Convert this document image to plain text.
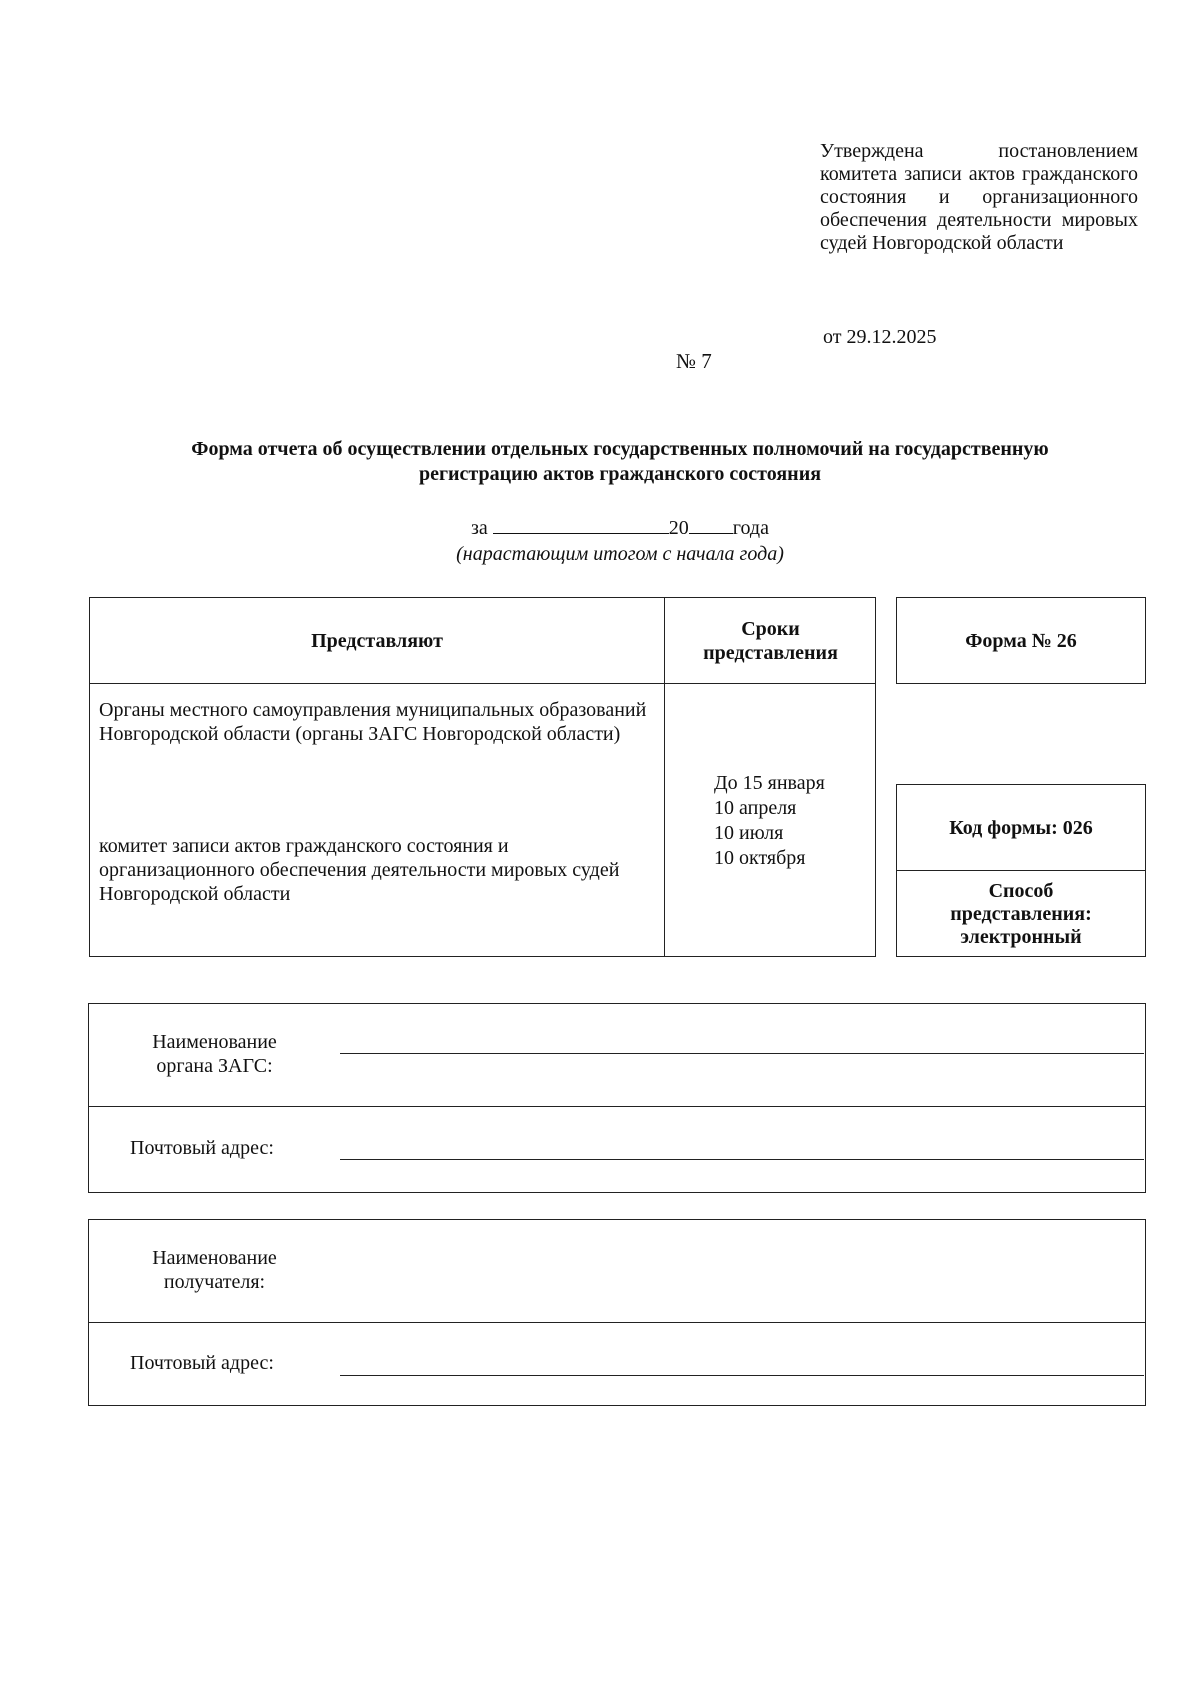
Утверждена постановлением комитета записи актов гражданского состояния и организационного обеспечения деятельности мировых судей Новгородской области
от 29.12.2025
№ 7
Форма отчета об осуществлении отдельных государственных полномочий на государственную
регистрацию актов гражданского состояния
за	20 года
(нарастающим итогом с начала года)
Представляют
Сроки представления
Органы местного самоуправления муниципальных образований Новгородской области (органы ЗАГС Новгородской области)
комитет записи актов гражданского состояния и организационного обеспечения деятельности мировых судей Новгородской области
До 15 января
10 апреля
10 июля
10 октября
Форма № 26
Код формы: 026
Способ представления:
электронный
Наименование органа ЗАГС:
Почтовый адрес:
Наименование получателя:
Почтовый адрес:
